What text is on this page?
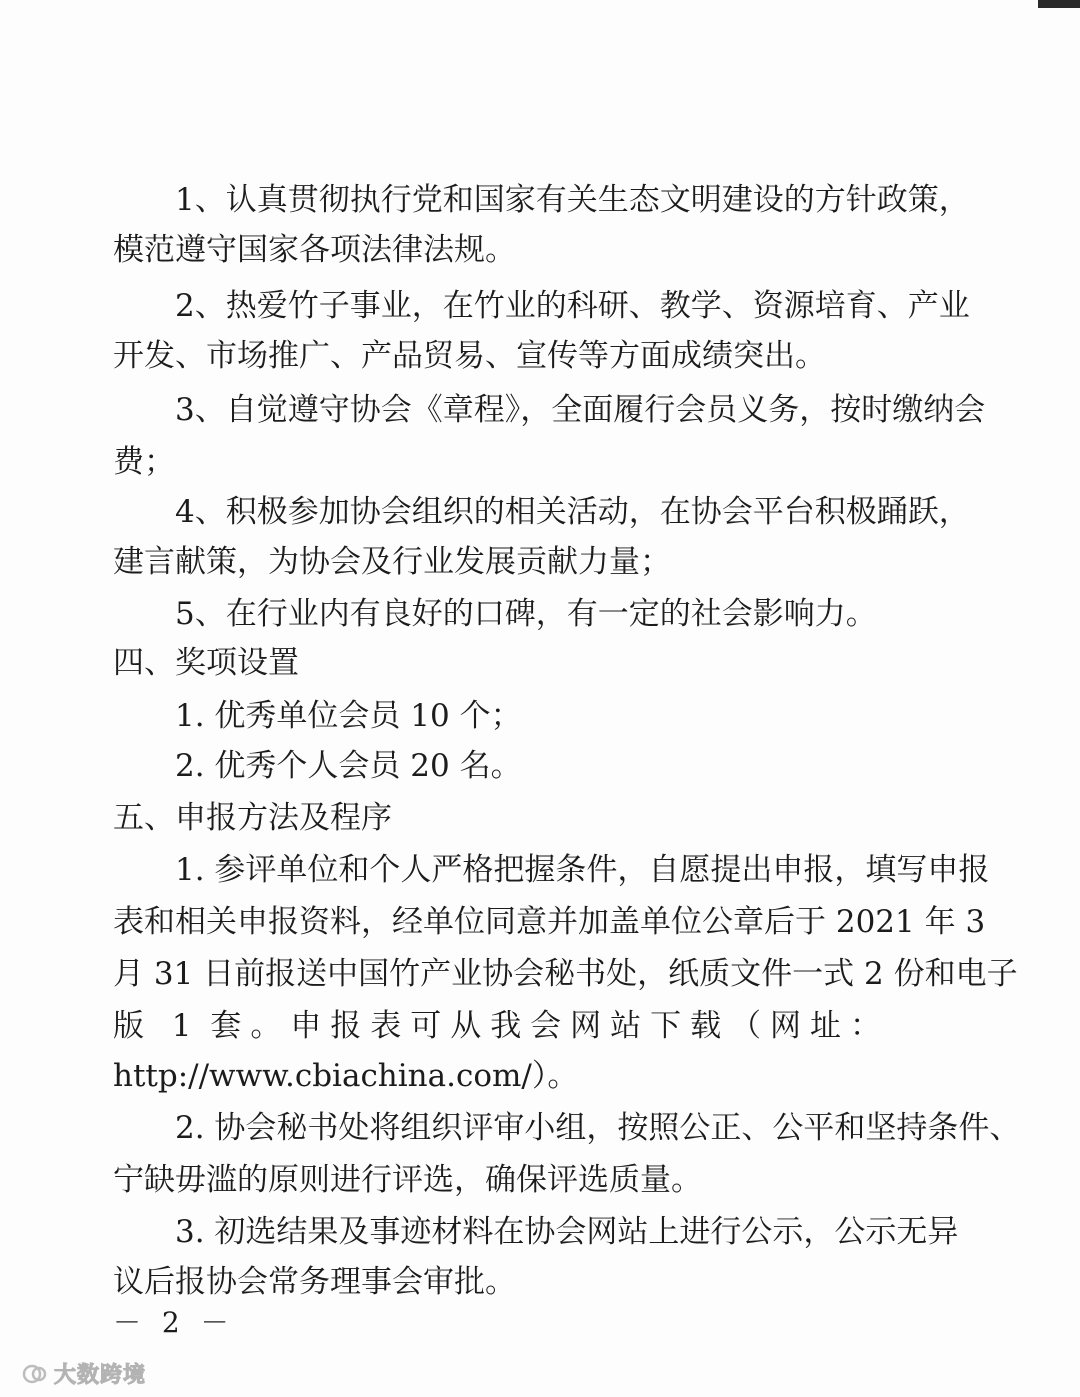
1、认真贯彻执行党和国家有关生态文明建设的方针政策，
模范遵守国家各项法律法规。
2、热爱竹子事业，在竹业的科研、教学、资源培育、产业
开发、市场推广、产品贸易、宣传等方面成绩突出。
3、自觉遵守协会《章程》，全面履行会员义务，按时缴纳会
费；
4、积极参加协会组织的相关活动，在协会平台积极踊跃，
建言献策，为协会及行业发展贡献力量；
5、在行业内有良好的口碑，有一定的社会影响力。
四、奖项设置
1. 优秀单位会员 10 个；
2. 优秀个人会员 20 名。
五、申报方法及程序
1. 参评单位和个人严格把握条件，自愿提出申报，填写申报
表和相关申报资料，经单位同意并加盖单位公章后于 2021 年 3
月 31 日前报送中国竹产业协会秘书处，纸质文件一式 2 份和电子
版 1 套。申报表可从我会网站下载（网址：
http://www.cbiachina.com/）。
2. 协会秘书处将组织评审小组，按照公正、公平和坚持条件、
宁缺毋滥的原则进行评选，确保评选质量。
3. 初选结果及事迹材料在协会网站上进行公示，公示无异
议后报协会常务理事会审批。
－ 2 －
大数跨境
